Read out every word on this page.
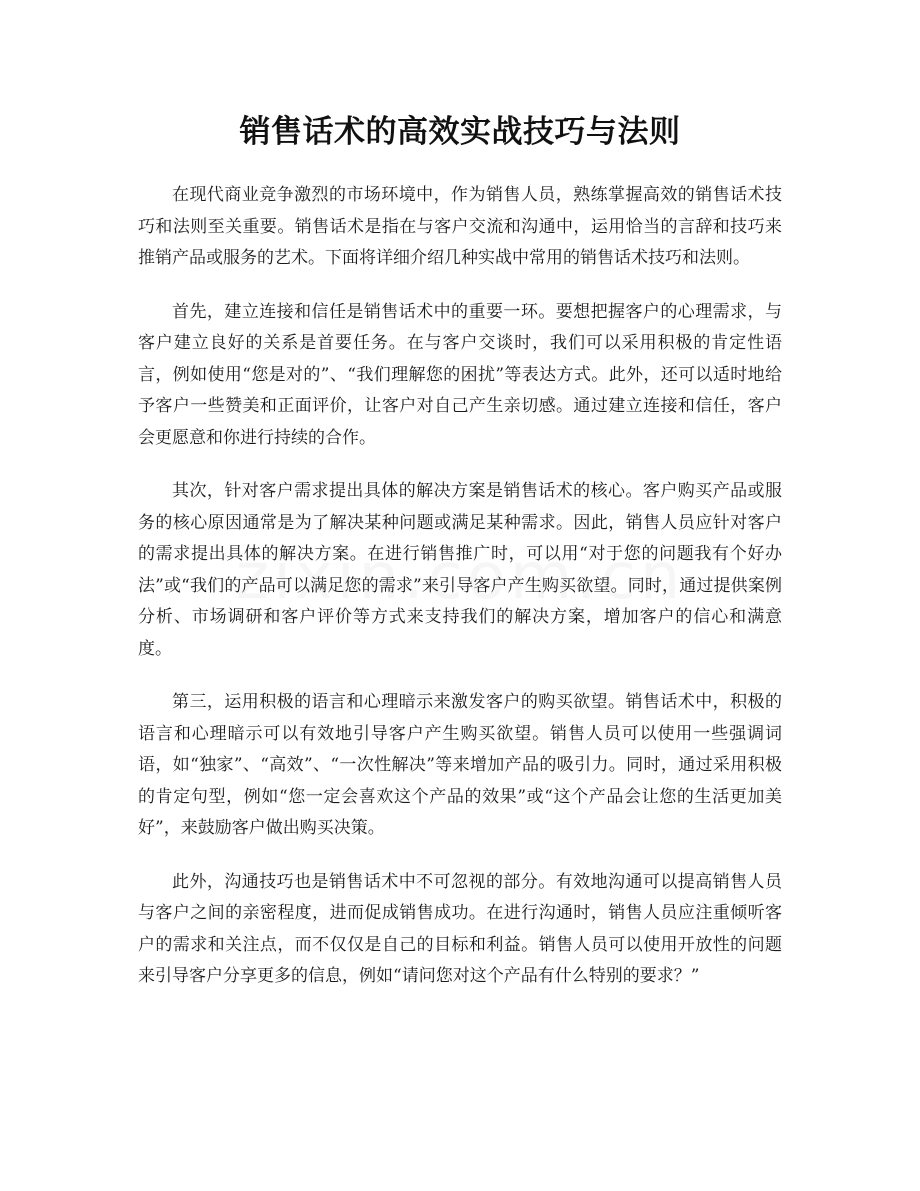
销售话术的高效实战技巧与法则

在现代商业竞争激烈的市场环境中，作为销售人员，熟练掌握高效的销售话术技巧和法则至关重要。销售话术是指在与客户交流和沟通中，运用恰当的言辞和技巧来推销产品或服务的艺术。下面将详细介绍几种实战中常用的销售话术技巧和法则。

首先，建立连接和信任是销售话术中的重要一环。要想把握客户的心理需求，与客户建立良好的关系是首要任务。在与客户交谈时，我们可以采用积极的肯定性语言，例如使用“您是对的”、“我们理解您的困扰”等表达方式。此外，还可以适时地给予客户一些赞美和正面评价，让客户对自己产生亲切感。通过建立连接和信任，客户会更愿意和你进行持续的合作。

其次，针对客户需求提出具体的解决方案是销售话术的核心。客户购买产品或服务的核心原因通常是为了解决某种问题或满足某种需求。因此，销售人员应针对客户的需求提出具体的解决方案。在进行销售推广时，可以用“对于您的问题我有个好办法”或“我们的产品可以满足您的需求”来引导客户产生购买欲望。同时，通过提供案例分析、市场调研和客户评价等方式来支持我们的解决方案，增加客户的信心和满意度。

第三，运用积极的语言和心理暗示来激发客户的购买欲望。销售话术中，积极的语言和心理暗示可以有效地引导客户产生购买欲望。销售人员可以使用一些强调词语，如“独家”、“高效”、“一次性解决”等来增加产品的吸引力。同时，通过采用积极的肯定句型，例如“您一定会喜欢这个产品的效果”或“这个产品会让您的生活更加美好”，来鼓励客户做出购买决策。

此外，沟通技巧也是销售话术中不可忽视的部分。有效地沟通可以提高销售人员与客户之间的亲密程度，进而促成销售成功。在进行沟通时，销售人员应注重倾听客户的需求和关注点，而不仅仅是自己的目标和利益。销售人员可以使用开放性的问题来引导客户分享更多的信息，例如“请问您对这个产品有什么特别的要求？”
